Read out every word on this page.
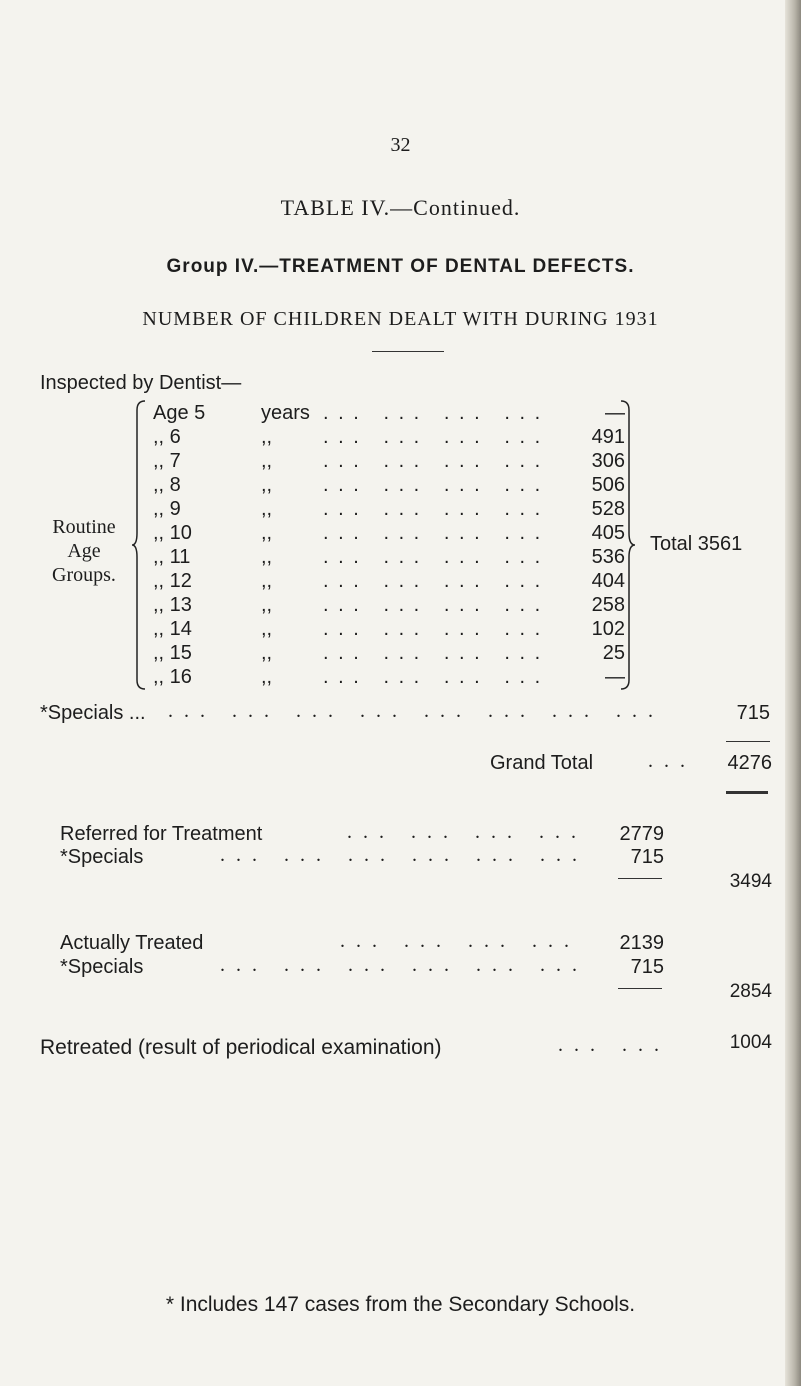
32
TABLE IV.—Continued.
Group IV.—TREATMENT OF DENTAL DEFECTS.
NUMBER OF CHILDREN DEALT WITH DURING 1931
Inspected by Dentist—
Routine
Age
Groups.
Age 5	years	—
. . .   . . .   . . .   . . .
,, 6	,,	491
. . .   . . .   . . .   . . .
,, 7	,,	306
. . .   . . .   . . .   . . .
,, 8	,,	506
. . .   . . .   . . .   . . .
,, 9	,,	528
. . .   . . .   . . .   . . .
,, 10	,,	405
. . .   . . .   . . .   . . .
,, 11	,,	536
. . .   . . .   . . .   . . .
,, 12	,,	404
. . .   . . .   . . .   . . .
,, 13	,,	258
. . .   . . .   . . .   . . .
,, 14	,,	102
. . .   . . .   . . .   . . .
,, 15	,,	25
. . .   . . .   . . .   . . .
,, 16	,,	—
. . .   . . .   . . .   . . .
Total 3561
*Specials ... . . .   . . .   . . .   . . .   . . .   . . .   . . .   . . .	715
Grand Total	. . .	4276
Referred for Treatment	. . .   . . .   . . .   . . .	2779
*Specials	. . .   . . .   . . .   . . .   . . .   . . .	715
3494
Actually Treated	. . .   . . .   . . .   . . .	2139
*Specials	. . .   . . .   . . .   . . .   . . .   . . .	715
2854
Retreated (result of periodical examination)	. . .   . . .	1004
* Includes 147 cases from the Secondary Schools.
